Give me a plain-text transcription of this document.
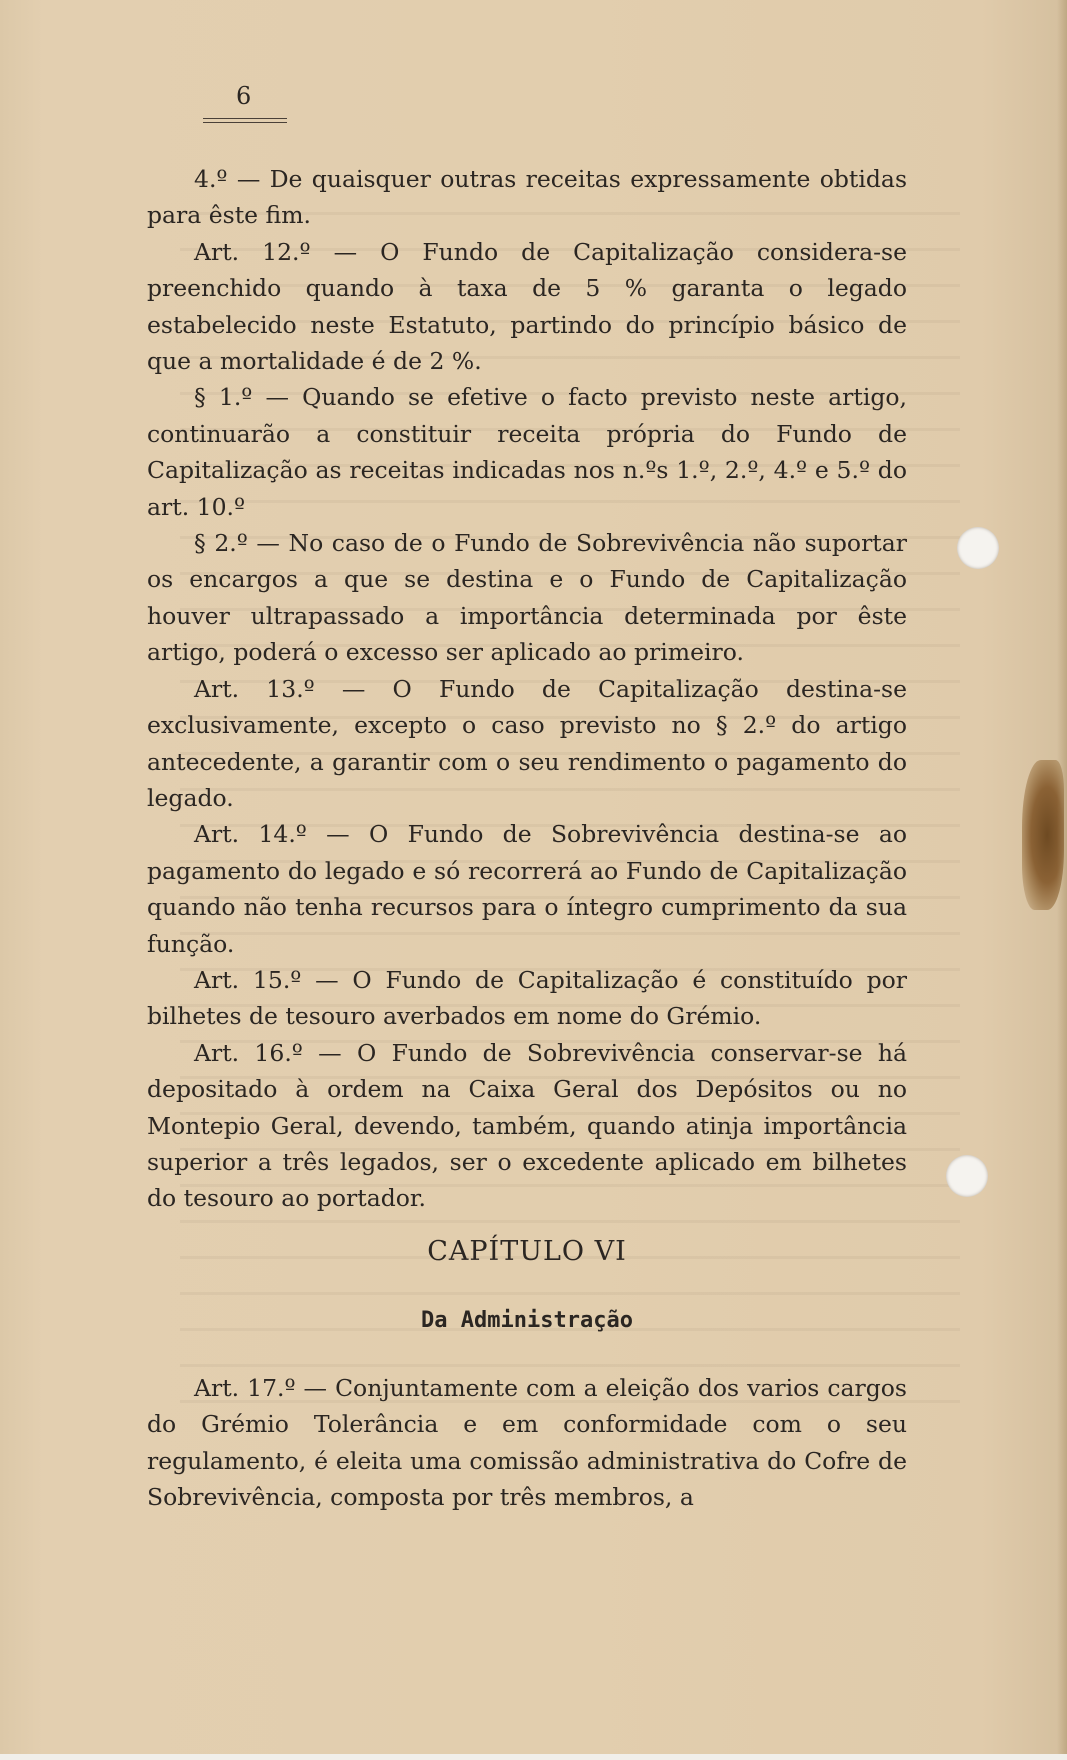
6

4.º — De quaisquer outras receitas expressamente obtidas para êste fim.

Art. 12.º — O Fundo de Capitalização considera-se preenchido quando à taxa de 5 % garanta o legado estabelecido neste Estatuto, partindo do princípio básico de que a mortalidade é de 2 %.

§ 1.º — Quando se efetive o facto previsto neste artigo, continuarão a constituir receita própria do Fundo de Capitalização as receitas indicadas nos n.ºs 1.º, 2.º, 4.º e 5.º do art. 10.º

§ 2.º — No caso de o Fundo de Sobrevivência não suportar os encargos a que se destina e o Fundo de Capitalização houver ultrapassado a importância determinada por êste artigo, poderá o excesso ser aplicado ao primeiro.

Art. 13.º — O Fundo de Capitalização destina-se exclusivamente, excepto o caso previsto no § 2.º do artigo antecedente, a garantir com o seu rendimento o pagamento do legado.

Art. 14.º — O Fundo de Sobrevivência destina-se ao pagamento do legado e só recorrerá ao Fundo de Capitalização quando não tenha recursos para o íntegro cumprimento da sua função.

Art. 15.º — O Fundo de Capitalização é constituído por bilhetes de tesouro averbados em nome do Grémio.

Art. 16.º — O Fundo de Sobrevivência conservar-se há depositado à ordem na Caixa Geral dos Depósitos ou no Montepio Geral, devendo, também, quando atinja importância superior a três legados, ser o excedente aplicado em bilhetes do tesouro ao portador.

CAPÍTULO VI
Da Administração

Art. 17.º — Conjuntamente com a eleição dos varios cargos do Grémio Tolerância e em conformidade com o seu regulamento, é eleita uma comissão administrativa do Cofre de Sobrevivência, composta por três membros, a
